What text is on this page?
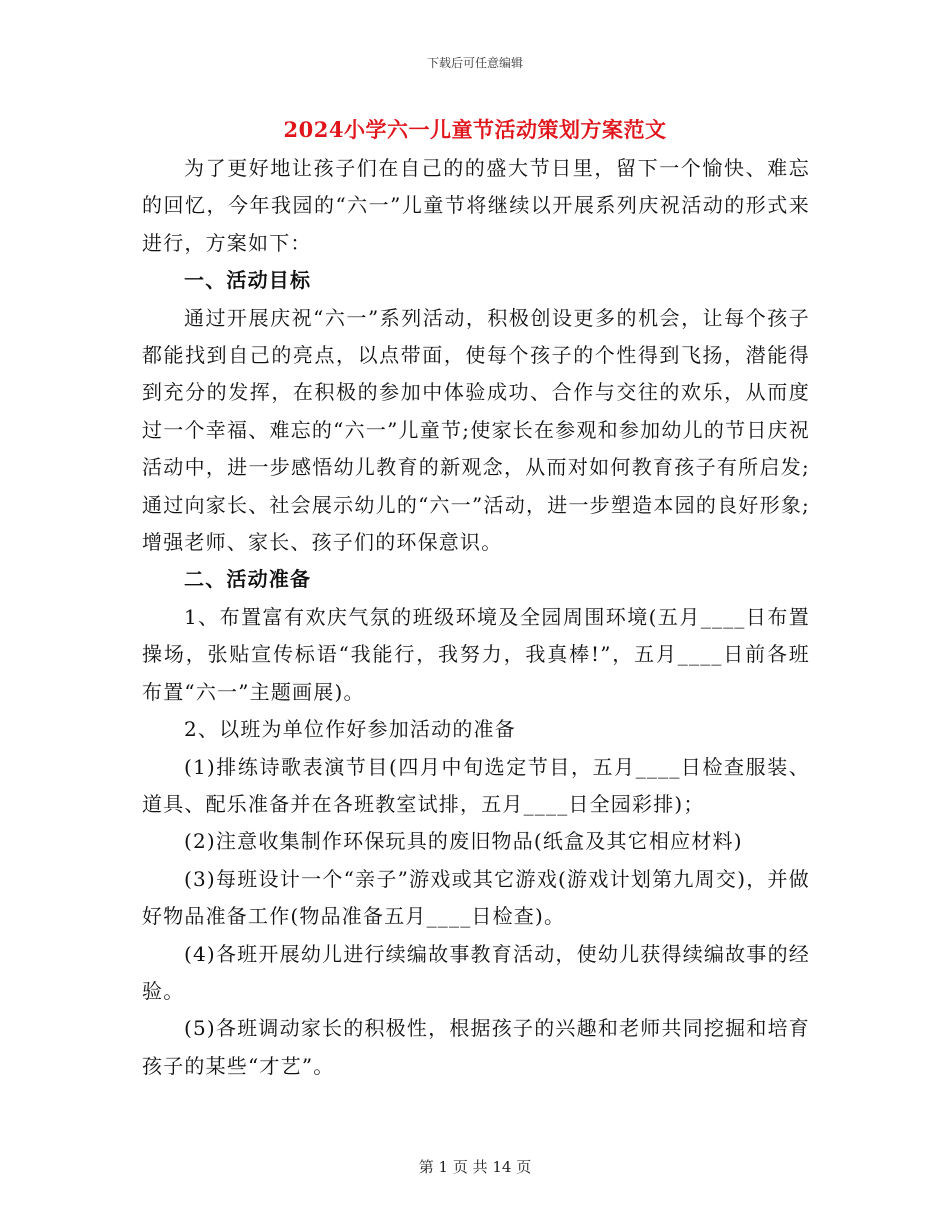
下载后可任意编辑
2024小学六一儿童节活动策划方案范文

为了更好地让孩子们在自己的的盛大节日里，留下一个愉快、难忘的回忆，今年我园的“六一”儿童节将继续以开展系列庆祝活动的形式来进行，方案如下：

一、活动目标

通过开展庆祝“六一”系列活动，积极创设更多的机会，让每个孩子都能找到自己的亮点，以点带面，使每个孩子的个性得到飞扬，潜能得到充分的发挥，在积极的参加中体验成功、合作与交往的欢乐，从而度过一个幸福、难忘的“六一”儿童节;使家长在参观和参加幼儿的节日庆祝活动中，进一步感悟幼儿教育的新观念，从而对如何教育孩子有所启发;通过向家长、社会展示幼儿的“六一”活动，进一步塑造本园的良好形象;增强老师、家长、孩子们的环保意识。

二、活动准备

1、布置富有欢庆气氛的班级环境及全园周围环境(五月____日布置操场，张贴宣传标语“我能行，我努力，我真棒!”，五月____日前各班布置“六一”主题画展)。

2、以班为单位作好参加活动的准备

(1)排练诗歌表演节目(四月中旬选定节目，五月____日检查服装、道具、配乐准备并在各班教室试排，五月____日全园彩排)；

(2)注意收集制作环保玩具的废旧物品(纸盒及其它相应材料)

(3)每班设计一个“亲子”游戏或其它游戏(游戏计划第九周交)，并做好物品准备工作(物品准备五月____日检查)。

(4)各班开展幼儿进行续编故事教育活动，使幼儿获得续编故事的经验。

(5)各班调动家长的积极性，根据孩子的兴趣和老师共同挖掘和培育孩子的某些“才艺”。

第 1 页 共 14 页
